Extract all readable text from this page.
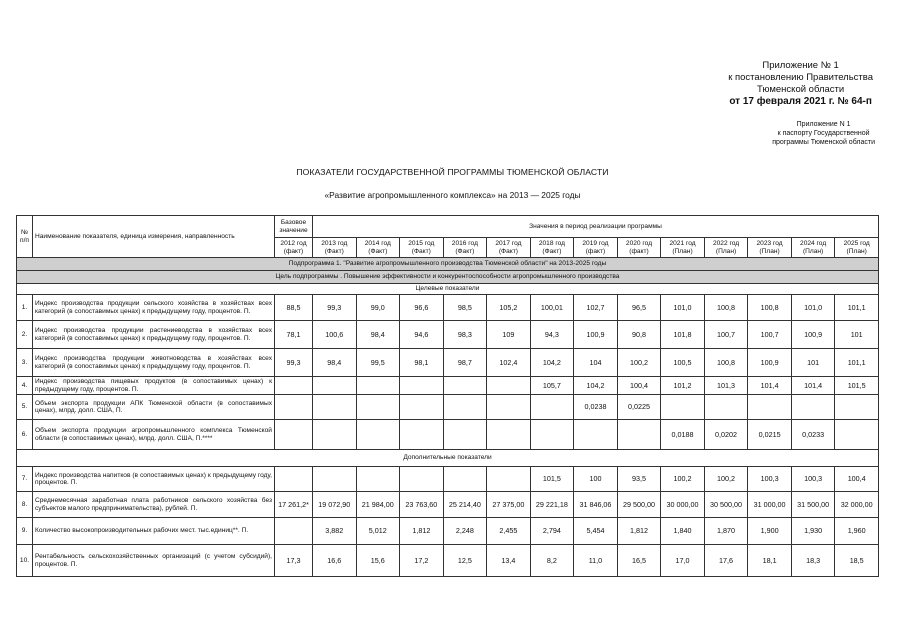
Приложение № 1
к постановлению Правительства
Тюменской области
от 17 февраля 2021 г. № 64-п
Приложение N 1
к паспорту Государственной
программы Тюменской области
ПОКАЗАТЕЛИ ГОСУДАРСТВЕННОЙ ПРОГРАММЫ ТЮМЕНСКОЙ ОБЛАСТИ
«Развитие агропромышленного комплекса» на 2013 — 2025 годы
№ п/п	Наименование показателя, единица измерения, направленность	Базовое значение	Значения в период реализации программы												
		2012 год (факт)	2013 год (Факт)	2014 год (Факт)	2015 год (Факт)	2016 год (Факт)	2017 год (Факт)	2018 год (Факт)	2019 год (факт)	2020 год (факт)	2021 год (План)	2022 год (План)	2023 год (План)	2024 год (План)	2025 год (План)
Подпрограмма 1. "Развитие агропромышленного производства Тюменской области" на 2013-2025 годы															
Цель подпрограммы . Повышение эффективности и конкурентоспособности агропромышленного производства															
Целевые показатели															
1.	Индекс производства продукции сельского хозяйства в хозяйствах всех категорий (в сопоставимых ценах) к предыдущему году, процентов. П.	88,5	99,3	99,0	96,6	98,5	105,2	100,01	102,7	96,5	101,0	100,8	100,8	101,0	101,1
2.	Индекс производства продукции растениеводства в хозяйствах всех категорий (в сопоставимых ценах) к предыдущему году, процентов. П.	78,1	100,6	98,4	94,6	98,3	109	94,3	100,9	90,8	101,8	100,7	100,7	100,9	101
3.	Индекс производства продукции животноводства в хозяйствах всех категорий (в сопоставимых ценах) к предыдущему году, процентов. П.	99,3	98,4	99,5	98,1	98,7	102,4	104,2	104	100,2	100,5	100,8	100,9	101	101,1
4.	Индекс производства пищевых продуктов (в сопоставимых ценах) к предыдущему году, процентов. П.							105,7	104,2	100,4	101,2	101,3	101,4	101,4	101,5
5.	Объем экспорта продукции АПК Тюменской области (в сопоставимых ценах), млрд. долл. США, П.								0,0238	0,0225					
6.	Объем экспорта продукции агропромышленного комплекса Тюменской области (в сопоставимых ценах), млрд. долл. США, П.****										0,0188	0,0202	0,0215	0,0233	
Дополнительные показатели															
7.	Индекс производства напитков (в сопоставимых ценах) к предыдущему году, процентов. П.							101,5	100	93,5	100,2	100,2	100,3	100,3	100,4
8.	Среднемесячная заработная плата работников сельского хозяйства без субъектов малого предпринимательства), рублей. П.	17 261,2*	19 072,90	21 984,00	23 763,60	25 214,40	27 375,00	29 221,18	31 846,06	29 500,00	30 000,00	30 500,00	31 000,00	31 500,00	32 000,00
9.	Количество высокопроизводительных рабочих мест. тыс.единиц**. П.		3,882	5,012	1,812	2,248	2,455	2,794	5,454	1,812	1,840	1,870	1,900	1,930	1,960
10.	Рентабельность сельскохозяйственных организаций (с учетом субсидий), процентов. П.	17,3	16,6	15,6	17,2	12,5	13,4	8,2	11,0	16,5	17,0	17,6	18,1	18,3	18,5
